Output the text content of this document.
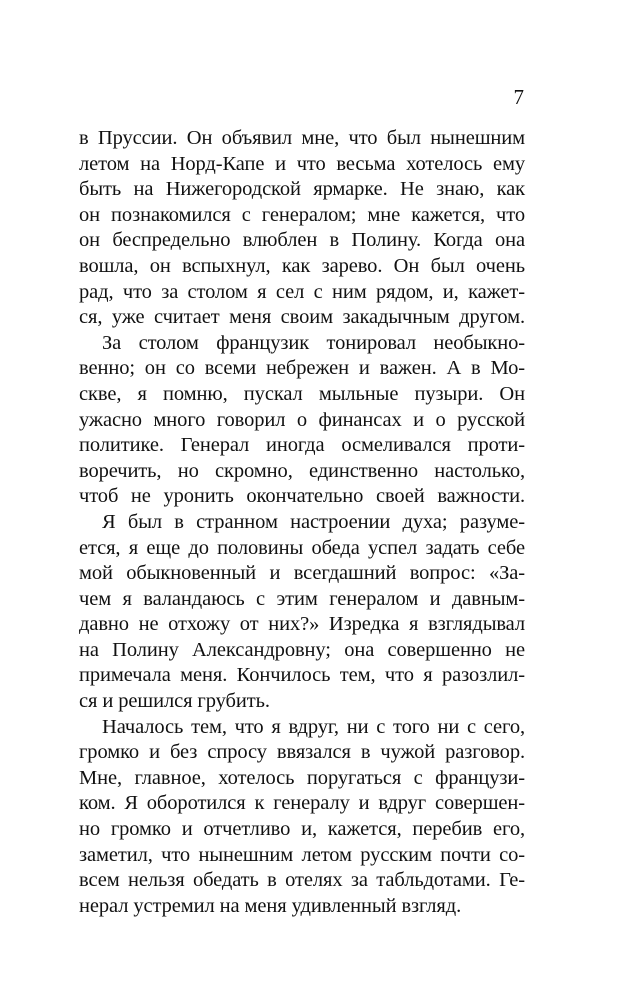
7
в Пруссии. Он объявил мне, что был нынешним
летом на Норд-Капе и что весьма хотелось ему
быть на Нижегородской ярмарке. Не знаю, как
он познакомился с генералом; мне кажется, что
он беспредельно влюблен в Полину. Когда она
вошла, он вспыхнул, как зарево. Он был очень
рад, что за столом я сел с ним рядом, и, кажет-
ся, уже считает меня своим закадычным другом.
За столом французик тонировал необыкно-
венно; он со всеми небрежен и важен. А в Мо-
скве, я помню, пускал мыльные пузыри. Он
ужасно много говорил о финансах и о русской
политике. Генерал иногда осмеливался проти-
воречить, но скромно, единственно настолько,
чтоб не уронить окончательно своей важности.
Я был в странном настроении духа; разуме-
ется, я еще до половины обеда успел задать себе
мой обыкновенный и всегдашний вопрос: «За-
чем я валандаюсь с этим генералом и давным-
давно не отхожу от них?» Изредка я взглядывал
на Полину Александровну; она совершенно не
примечала меня. Кончилось тем, что я разозлил-
ся и решился грубить.
Началось тем, что я вдруг, ни с того ни с сего,
громко и без спросу ввязался в чужой разговор.
Мне, главное, хотелось поругаться с французи-
ком. Я оборотился к генералу и вдруг совершен-
но громко и отчетливо и, кажется, перебив его,
заметил, что нынешним летом русским почти со-
всем нельзя обедать в отелях за табльдотами. Ге-
нерал устремил на меня удивленный взгляд.
